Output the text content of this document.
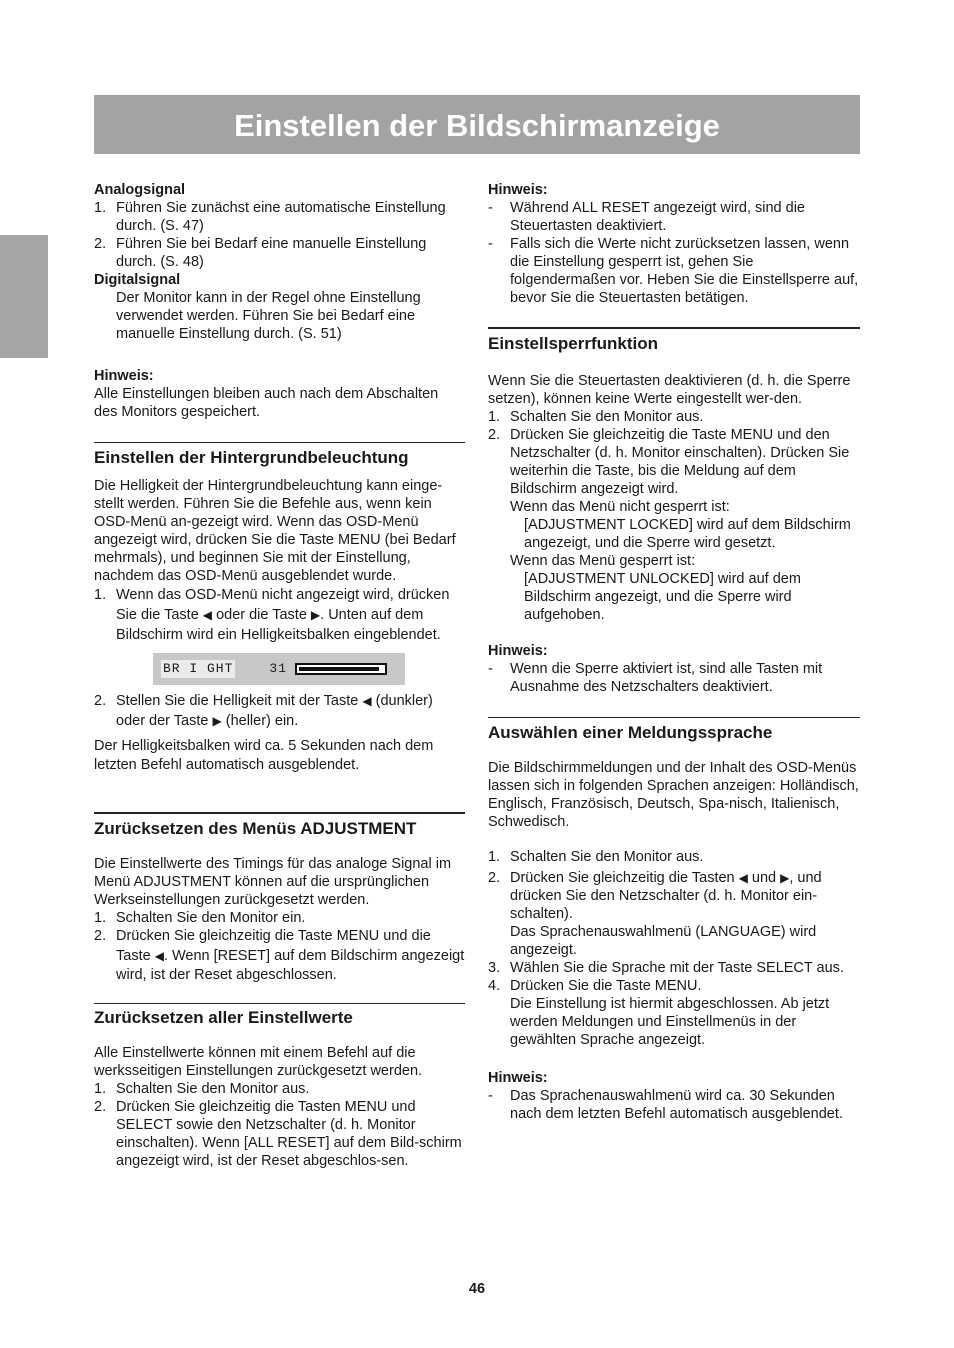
Einstellen der Bildschirmanzeige

Analogsignal

1. Führen Sie zunächst eine automatische Einstellung durch. (S. 47)
2. Führen Sie bei Bedarf eine manuelle Einstellung durch. (S. 48)

Digitalsignal

Der Monitor kann in der Regel ohne Einstellung verwendet werden. Führen Sie bei Bedarf eine manuelle Einstellung durch. (S. 51)

Hinweis:

Alle Einstellungen bleiben auch nach dem Abschalten des Monitors gespeichert.

Einstellen der Hintergrundbeleuchtung

Die Helligkeit der Hintergrundbeleuchtung kann einge-stellt werden. Führen Sie die Befehle aus, wenn kein OSD-Menü an-gezeigt wird. Wenn das OSD-Menü angezeigt wird, drücken Sie die Taste MENU (bei Bedarf mehrmals), und beginnen Sie mit der Einstellung, nachdem das OSD-Menü ausgeblendet wurde.

1. Wenn das OSD-Menü nicht angezeigt wird, drücken Sie die Taste ◀ oder die Taste ▶. Unten auf dem Bildschirm wird ein Helligkeitsbalken eingeblendet.
BR I GHT	31
2. Stellen Sie die Helligkeit mit der Taste ◀ (dunkler) oder der Taste ▶ (heller) ein.

Der Helligkeitsbalken wird ca. 5 Sekunden nach dem letzten Befehl automatisch ausgeblendet.

Zurücksetzen des Menüs ADJUSTMENT

Die Einstellwerte des Timings für das analoge Signal im Menü ADJUSTMENT können auf die ursprünglichen Werkseinstellungen zurückgesetzt werden.

1. Schalten Sie den Monitor ein.
2. Drücken Sie gleichzeitig die Taste MENU und die Taste ◀. Wenn [RESET] auf dem Bildschirm angezeigt wird, ist der Reset abgeschlossen.
Zurücksetzen aller Einstellwerte

Alle Einstellwerte können mit einem Befehl auf die werksseitigen Einstellungen zurückgesetzt werden.

1. Schalten Sie den Monitor aus.
2. Drücken Sie gleichzeitig die Tasten MENU und SELECT sowie den Netzschalter (d. h. Monitor einschalten). Wenn [ALL RESET] auf dem Bild-schirm angezeigt wird, ist der Reset abgeschlos-sen.

Hinweis:

-	Während ALL RESET angezeigt wird, sind die Steuertasten deaktiviert.
-	Falls sich die Werte nicht zurücksetzen lassen, wenn die Einstellung gesperrt ist, gehen Sie folgendermaßen vor. Heben Sie die Einstellsperre auf, bevor Sie die Steuertasten betätigen.
Einstellsperrfunktion

Wenn Sie die Steuertasten deaktivieren (d. h. die Sperre setzen), können keine Werte eingestellt wer-den.

1. Schalten Sie den Monitor aus.
2. Drücken Sie gleichzeitig die Taste MENU und den Netzschalter (d. h. Monitor einschalten). Drücken Sie weiterhin die Taste, bis die Meldung auf dem Bildschirm angezeigt wird.

Wenn das Menü nicht gesperrt ist:

[ADJUSTMENT LOCKED] wird auf dem Bildschirm angezeigt, und die Sperre wird gesetzt.

Wenn das Menü gesperrt ist:

[ADJUSTMENT UNLOCKED] wird auf dem Bildschirm angezeigt, und die Sperre wird aufgehoben.

Hinweis:

-	Wenn die Sperre aktiviert ist, sind alle Tasten mit Ausnahme des Netzschalters deaktiviert.
Auswählen einer Meldungssprache

Die Bildschirmmeldungen und der Inhalt des OSD-Menüs lassen sich in folgenden Sprachen anzeigen: Holländisch, Englisch, Französisch, Deutsch, Spa-nisch, Italienisch, Schwedisch.

1. Schalten Sie den Monitor aus.
2. Drücken Sie gleichzeitig die Tasten ◀ und ▶, und drücken Sie den Netzschalter (d. h. Monitor ein-schalten).
Das Sprachenauswahlmenü (LANGUAGE) wird angezeigt.
3. Wählen Sie die Sprache mit der Taste SELECT aus.
4. Drücken Sie die Taste MENU.
Die Einstellung ist hiermit abgeschlossen. Ab jetzt werden Meldungen und Einstellmenüs in der gewählten Sprache angezeigt.

Hinweis:

-	Das Sprachenauswahlmenü wird ca. 30 Sekunden nach dem letzten Befehl automatisch ausgeblendet.
46
